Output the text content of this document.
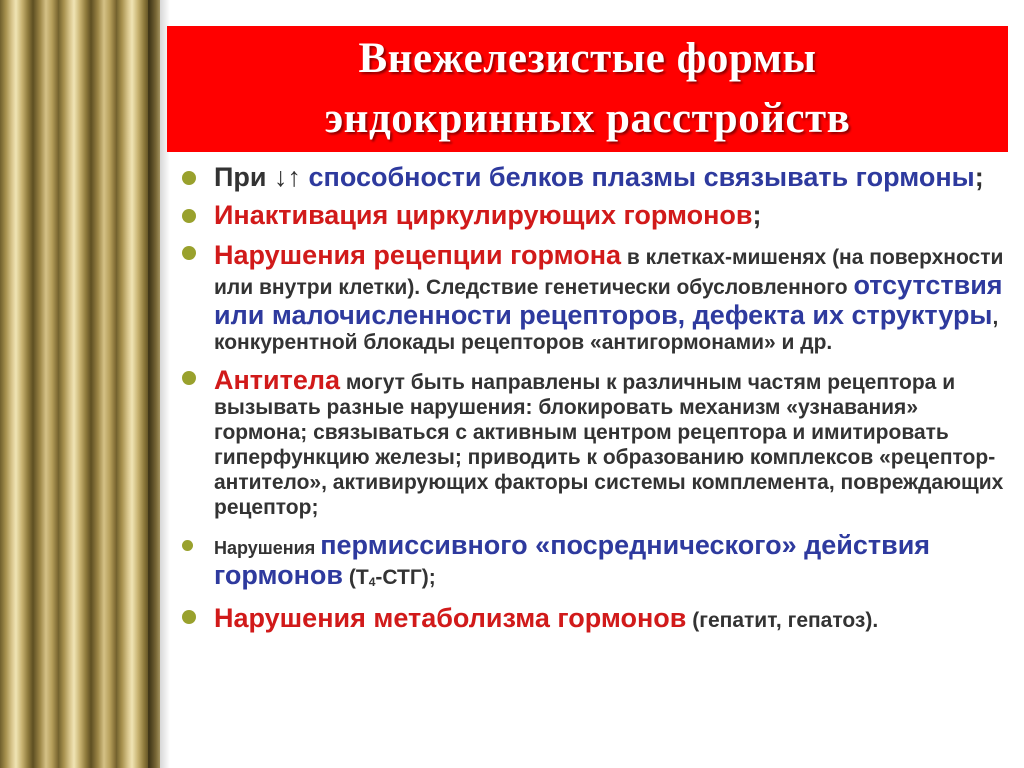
Внежелезистые формы
эндокринных расстройств
При ↓↑ способности белков плазмы связывать гормоны;
Инактивация циркулирующих гормонов;
Нарушения рецепции гормона в клетках-мишенях (на поверхности или внутри клетки). Следствие генетически обусловленного отсутствия или малочисленности рецепторов, дефекта их структуры, конкурентной блокады рецепторов «антигормонами» и др.
Антитела могут быть направлены к различным частям рецептора и вызывать разные нарушения: блокировать механизм «узнавания» гормона; связываться с активным центром рецептора и имитировать гиперфункцию железы; приводить к образованию комплексов «рецептор-антитело», активирующих факторы системы комплемента, повреждающих рецептор;
Нарушения пермиссивного «посреднического» действия гормонов $(Т_4-СТГ)$;
Нарушения метаболизма гормонов (гепатит, гепатоз).
